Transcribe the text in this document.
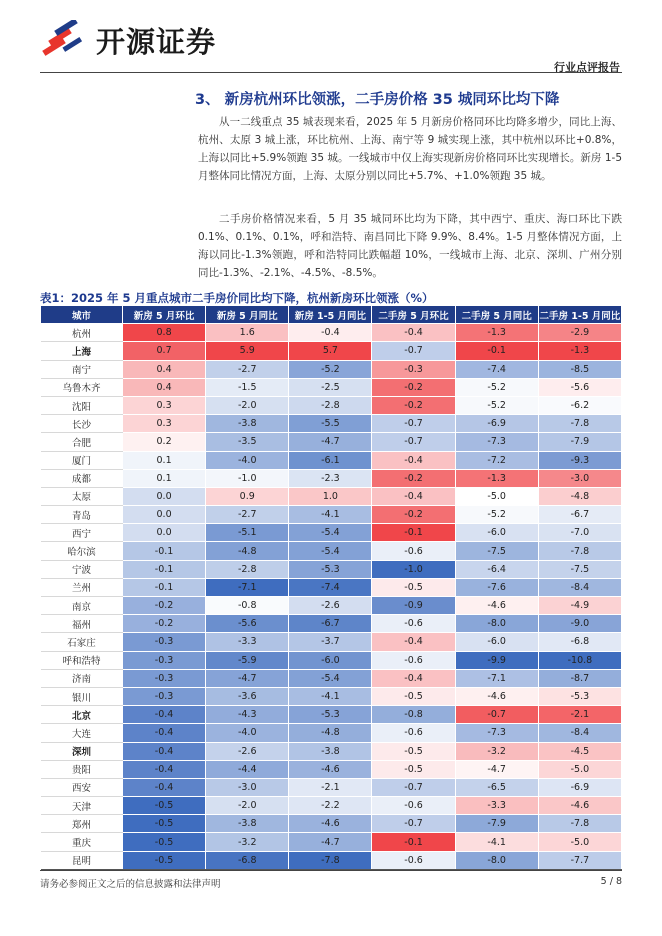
开源证券
行业点评报告
3、 新房杭州环比领涨，二手房价格 35 城同环比均下降

从一二线重点 35 城表现来看，2025 年 5 月新房价格同环比均降多增少，同比上海、杭州、太原 3 城上涨，环比杭州、上海、南宁等 9 城实现上涨，其中杭州以环比+0.8%，上海以同比+5.9%领跑 35 城。一线城市中仅上海实现新房价格同环比实现增长。新房 1-5 月整体同比情况方面，上海、太原分别以同比+5.7%、+1.0%领跑 35 城。

二手房价格情况来看，5 月 35 城同环比均为下降，其中西宁、重庆、海口环比下跌 0.1%、0.1%、0.1%，呼和浩特、南昌同比下降 9.9%、8.4%。1-5 月整体情况方面，上海以同比-1.3%领跑，呼和浩特同比跌幅超 10%，一线城市上海、北京、深圳、广州分别同比-1.3%、-2.1%、-4.5%、-8.5%。

表1：2025 年 5 月重点城市二手房价同比均下降，杭州新房环比领涨（%）
城市	新房 5 月环比	新房 5 月同比	新房 1-5 月同比	二手房 5 月环比	二手房 5 月同比	二手房 1-5 月同比
杭州	0.8	1.6	-0.4	-0.4	-1.3	-2.9
上海	0.7	5.9	5.7	-0.7	-0.1	-1.3
南宁	0.4	-2.7	-5.2	-0.3	-7.4	-8.5
乌鲁木齐	0.4	-1.5	-2.5	-0.2	-5.2	-5.6
沈阳	0.3	-2.0	-2.8	-0.2	-5.2	-6.2
长沙	0.3	-3.8	-5.5	-0.7	-6.9	-7.8
合肥	0.2	-3.5	-4.7	-0.7	-7.3	-7.9
厦门	0.1	-4.0	-6.1	-0.4	-7.2	-9.3
成都	0.1	-1.0	-2.3	-0.2	-1.3	-3.0
太原	0.0	0.9	1.0	-0.4	-5.0	-4.8
青岛	0.0	-2.7	-4.1	-0.2	-5.2	-6.7
西宁	0.0	-5.1	-5.4	-0.1	-6.0	-7.0
哈尔滨	-0.1	-4.8	-5.4	-0.6	-7.5	-7.8
宁波	-0.1	-2.8	-5.3	-1.0	-6.4	-7.5
兰州	-0.1	-7.1	-7.4	-0.5	-7.6	-8.4
南京	-0.2	-0.8	-2.6	-0.9	-4.6	-4.9
福州	-0.2	-5.6	-6.7	-0.6	-8.0	-9.0
石家庄	-0.3	-3.3	-3.7	-0.4	-6.0	-6.8
呼和浩特	-0.3	-5.9	-6.0	-0.6	-9.9	-10.8
济南	-0.3	-4.7	-5.4	-0.4	-7.1	-8.7
银川	-0.3	-3.6	-4.1	-0.5	-4.6	-5.3
北京	-0.4	-4.3	-5.3	-0.8	-0.7	-2.1
大连	-0.4	-4.0	-4.8	-0.6	-7.3	-8.4
深圳	-0.4	-2.6	-3.8	-0.5	-3.2	-4.5
贵阳	-0.4	-4.4	-4.6	-0.5	-4.7	-5.0
西安	-0.4	-3.0	-2.1	-0.7	-6.5	-6.9
天津	-0.5	-2.0	-2.2	-0.6	-3.3	-4.6
郑州	-0.5	-3.8	-4.6	-0.7	-7.9	-7.8
重庆	-0.5	-3.2	-4.7	-0.1	-4.1	-5.0
昆明	-0.5	-6.8	-7.8	-0.6	-8.0	-7.7
请务必参阅正文之后的信息披露和法律声明	5 / 8
